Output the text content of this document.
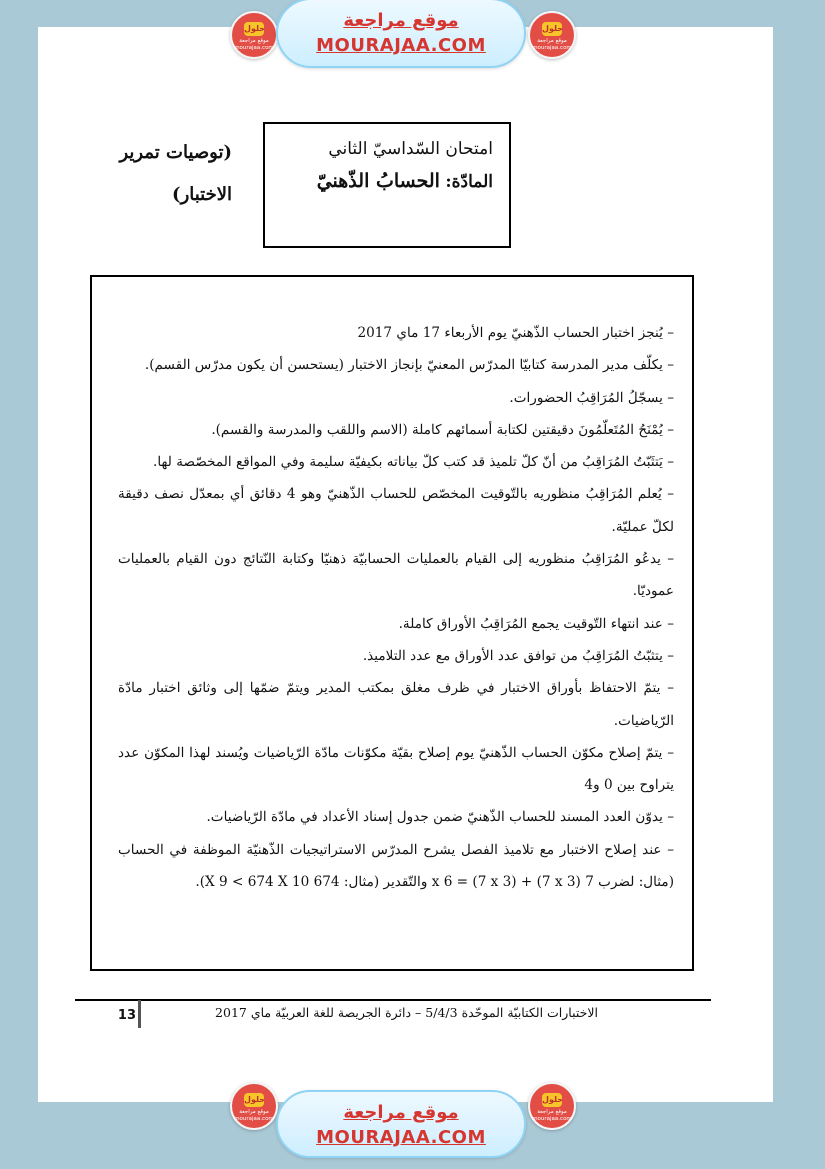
حلول
موقع مراجعة
mourajaa.com
موقع مراجعة
MOURAJAA.COM
حلول
موقع مراجعة
mourajaa.com
امتحان السّداسيّ الثاني
المادّة: الحسابُ الذّهنيّ
(توصيات تمرير الاختبار)
– يُنجز اختبار الحساب الذّهنيّ يوم الأربعاء 17 ماي 2017
– يكلّف مدير المدرسة كتابيّا المدرّس المعنيّ بإنجاز الاختبار (يستحسن أن يكون مدرّس القسم).
– يسجّلُ المُرَاقِبُ الحضورات.
– يُمْنَحُ المُتَعلّمُونَ دقيقتين لكتابة أسمائهم كاملة (الاسم واللقب والمدرسة والقسم).
– يَتثَبّتُ المُرَاقِبُ من أنّ كلّ تلميذ قد كتب كلّ بياناته بكيفيّة سليمة وفي المواقع المخصّصة لها.
– يُعلم المُرَاقِبُ منظوريه بالتّوقيت المخصّص للحساب الذّهنيّ وهو 4 دقائق أي بمعدّل نصف دقيقة لكلّ عمليّة.
– يدعُو المُرَاقِبُ منظوريه إلى القيام بالعمليات الحسابيّة ذهنيّا وكتابة النّتائج دون القيام بالعمليات عموديّا.
– عند انتهاء التّوقيت يجمع المُرَاقِبُ الأوراق كاملة.
– يتثبّتُ المُرَاقِبُ من توافق عدد الأوراق مع عدد التلاميذ.
– يتمّ الاحتفاظ بأوراق الاختبار في ظرف مغلق بمكتب المدير ويتمّ ضمّها إلى وثائق اختبار مادّة الرّياضيات.
– يتمّ إصلاح مكوّن الحساب الذّهنيّ يوم إصلاح بقيّة مكوّنات مادّة الرّياضيات ويُسند لهذا المكوّن عدد يتراوح بين 0 و4
– يدوّن العدد المسند للحساب الذّهنيّ ضمن جدول إسناد الأعداد في مادّة الرّياضيات.
– عند إصلاح الاختبار مع تلاميذ الفصل يشرح المدرّس الاستراتيجيات الذّهنيّة الموظفة في الحساب (مثال: لضرب 7 x 6 = (7 x 3) + (7 x 3) والتّقدير (مثال: 674 X 9 < 674 X 10).
الاختبارات الكتابيّة الموحّدة 5/4/3 – دائرة الجريصة للغة العربيّة ماي 2017
13
حلول
موقع مراجعة
mourajaa.com	موقع مراجعة
MOURAJAA.COM
حلول
موقع مراجعة
mourajaa.com
